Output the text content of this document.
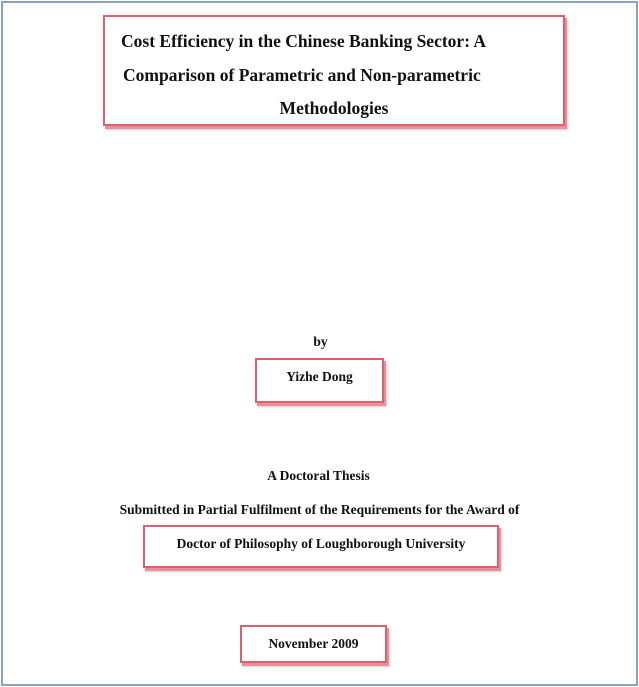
Cost Efficiency in the Chinese Banking Sector: A
Comparison of Parametric and Non-parametric
Methodologies
by
Yizhe Dong
A Doctoral Thesis
Submitted in Partial Fulfilment of the Requirements for the Award of
Doctor of Philosophy of Loughborough University
November 2009
